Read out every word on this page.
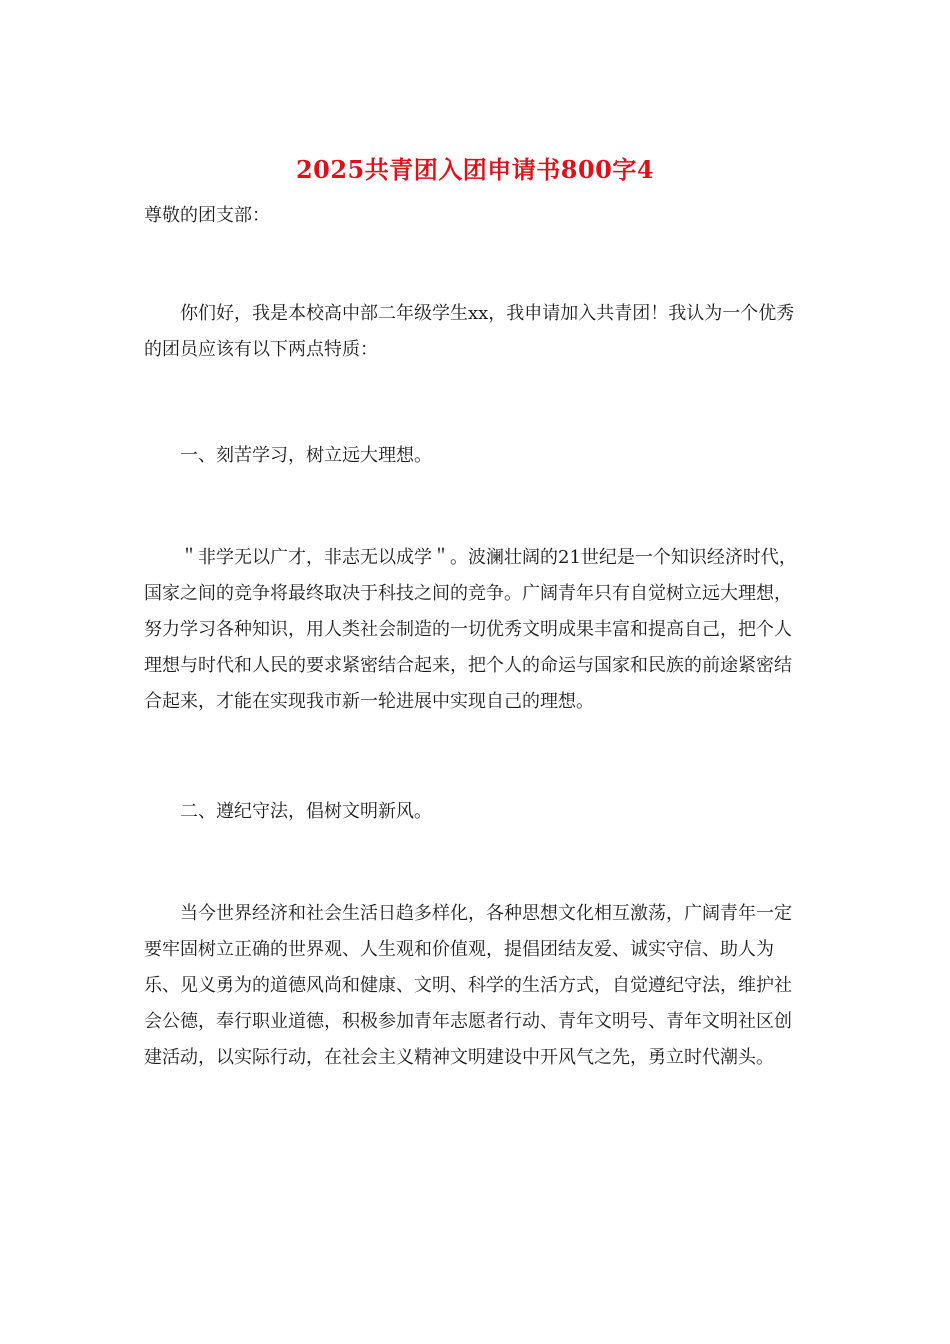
2025共青团入团申请书800字4

尊敬的团支部：

你们好，我是本校高中部二年级学生xx，我申请加入共青团！我认为一个优秀的团员应该有以下两点特质：

一、刻苦学习，树立远大理想。

＂非学无以广才，非志无以成学＂。波澜壮阔的21世纪是一个知识经济时代，国家之间的竞争将最终取决于科技之间的竞争。广阔青年只有自觉树立远大理想，努力学习各种知识，用人类社会制造的一切优秀文明成果丰富和提高自己，把个人理想与时代和人民的要求紧密结合起来，把个人的命运与国家和民族的前途紧密结合起来，才能在实现我市新一轮进展中实现自己的理想。

二、遵纪守法，倡树文明新风。

当今世界经济和社会生活日趋多样化，各种思想文化相互激荡，广阔青年一定要牢固树立正确的世界观、人生观和价值观，提倡团结友爱、诚实守信、助人为乐、见义勇为的道德风尚和健康、文明、科学的生活方式，自觉遵纪守法，维护社会公德，奉行职业道德，积极参加青年志愿者行动、青年文明号、青年文明社区创建活动，以实际行动，在社会主义精神文明建设中开风气之先，勇立时代潮头。
